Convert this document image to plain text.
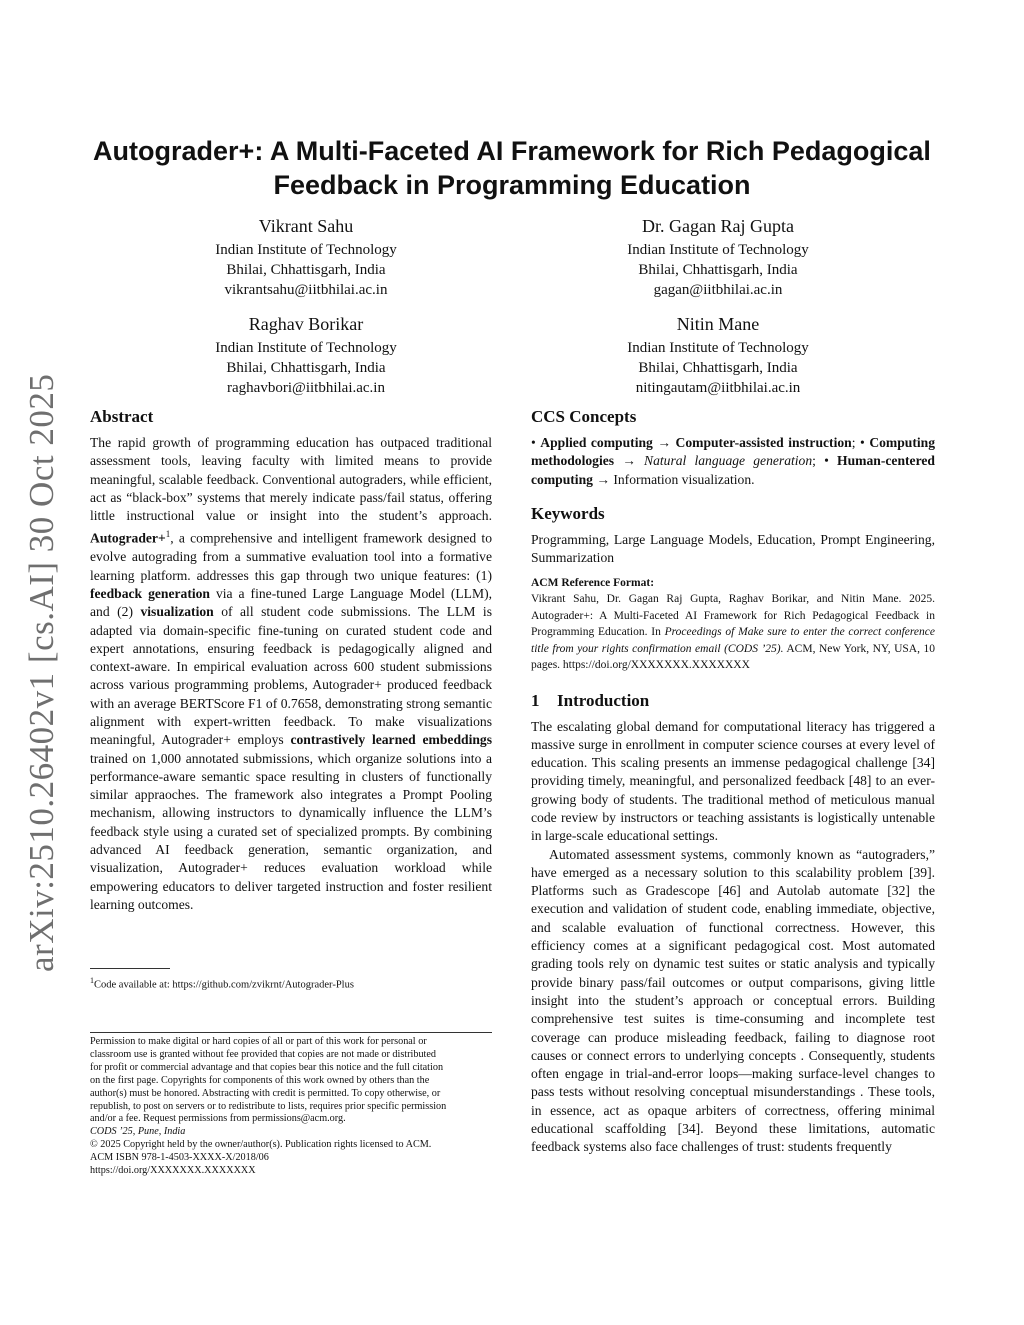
arXiv:2510.26402v1 [cs.AI] 30 Oct 2025
Autograder+: A Multi-Faceted AI Framework for Rich Pedagogical
Feedback in Programming Education
Vikrant Sahu
Indian Institute of Technology
Bhilai, Chhattisgarh, India
vikrantsahu@iitbhilai.ac.in
Dr. Gagan Raj Gupta
Indian Institute of Technology
Bhilai, Chhattisgarh, India
gagan@iitbhilai.ac.in
Raghav Borikar
Indian Institute of Technology
Bhilai, Chhattisgarh, India
raghavbori@iitbhilai.ac.in
Nitin Mane
Indian Institute of Technology
Bhilai, Chhattisgarh, India
nitingautam@iitbhilai.ac.in
Abstract

The rapid growth of programming education has outpaced traditional assessment tools, leaving faculty with limited means to provide meaningful, scalable feedback. Conventional autograders, while efficient, act as “black-box” systems that merely indicate pass/fail status, offering little instructional value or insight into the student’s approach. Autograder+$^1$, a comprehensive and intelligent framework designed to evolve autograding from a summative evaluation tool into a formative learning platform. addresses this gap through two unique features: (1) feedback generation via a fine-tuned Large Language Model (LLM), and (2) visualization of all student code submissions. The LLM is adapted via domain-specific fine-tuning on curated student code and expert annotations, ensuring feedback is pedagogically aligned and context-aware. In empirical evaluation across 600 student submissions across various programming problems, Autograder+ produced feedback with an average BERTScore F1 of 0.7658, demonstrating strong semantic alignment with expert-written feedback. To make visualizations meaningful, Autograder+ employs contrastively learned embeddings trained on 1,000 annotated submissions, which organize solutions into a performance-aware semantic space resulting in clusters of functionally similar appraoches. The framework also integrates a Prompt Pooling mechanism, allowing instructors to dynamically influence the LLM’s feedback style using a curated set of specialized prompts. By combining advanced AI feedback generation, semantic organization, and visualization, Autograder+ reduces evaluation workload while empowering educators to deliver targeted instruction and foster resilient learning outcomes.

$^1$Code available at: https://github.com/zvikrnt/Autograder-Plus
Permission to make digital or hard copies of all or part of this work for personal or
classroom use is granted without fee provided that copies are not made or distributed
for profit or commercial advantage and that copies bear this notice and the full citation
on the first page. Copyrights for components of this work owned by others than the
author(s) must be honored. Abstracting with credit is permitted. To copy otherwise, or
republish, to post on servers or to redistribute to lists, requires prior specific permission
and/or a fee. Request permissions from permissions@acm.org.
CODS ’25, Pune, India
© 2025 Copyright held by the owner/author(s). Publication rights licensed to ACM.
ACM ISBN 978-1-4503-XXXX-X/2018/06
https://doi.org/XXXXXXX.XXXXXXX
CCS Concepts

• Applied computing → Computer-assisted instruction; • Computing methodologies → Natural language generation; • Human-centered computing → Information visualization.

Keywords

Programming, Large Language Models, Education, Prompt Engineering, Summarization

ACM Reference Format:

Vikrant Sahu, Dr. Gagan Raj Gupta, Raghav Borikar, and Nitin Mane. 2025. Autograder+: A Multi-Faceted AI Framework for Rich Pedagogical Feedback in Programming Education. In Proceedings of Make sure to enter the correct conference title from your rights confirmation email (CODS ’25). ACM, New York, NY, USA, 10 pages. https://doi.org/XXXXXXX.XXXXXXX

1 Introduction

The escalating global demand for computational literacy has triggered a massive surge in enrollment in computer science courses at every level of education. This scaling presents an immense pedagogical challenge [34] providing timely, meaningful, and personalized feedback [48] to an ever-growing body of students. The traditional method of meticulous manual code review by instructors or teaching assistants is logistically untenable in large-scale educational settings.

Automated assessment systems, commonly known as “autograders,” have emerged as a necessary solution to this scalability problem [39]. Platforms such as Gradescope [46] and Autolab automate [32] the execution and validation of student code, enabling immediate, objective, and scalable evaluation of functional correctness. However, this efficiency comes at a significant pedagogical cost. Most automated grading tools rely on dynamic test suites or static analysis and typically provide binary pass/fail outcomes or output comparisons, giving little insight into the student’s approach or conceptual errors. Building comprehensive test suites is time-consuming and incomplete test coverage can produce misleading feedback, failing to diagnose root causes or connect errors to underlying concepts . Consequently, students often engage in trial-and-error loops—making surface-level changes to pass tests without resolving conceptual misunderstandings . These tools, in essence, act as opaque arbiters of correctness, offering minimal educational scaffolding [34]. Beyond these limitations, automatic feedback systems also face challenges of trust: students frequently
